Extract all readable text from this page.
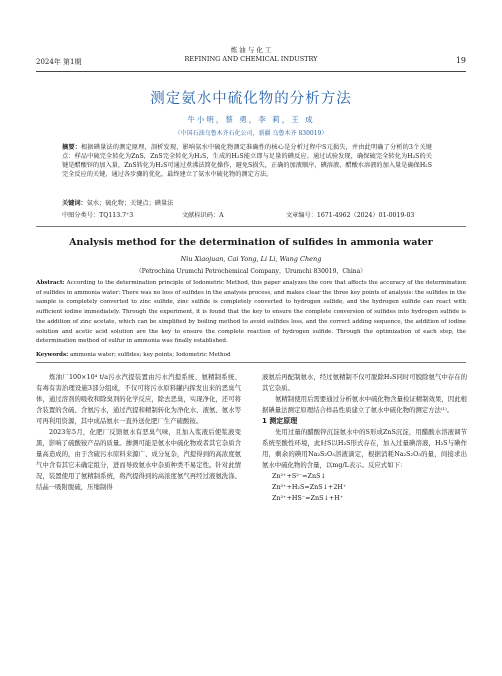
2024年 第1期
炼 油 与 化 工
REFINING AND CHEMICAL INDUSTRY	19
测定氨水中硫化物的分析方法
牛小明，蔡 勇，李 莉，王 成
（中国石油乌鲁木齐石化公司，新疆 乌鲁木齐 830019）
摘要：根据碘量法的测定原理，剖析发现，影响氨水中硫化物测定准确性的核心是分析过程中S元损失，并由此明确了分析的3个关键点：样品中硫完全转化为ZnS，ZnS完全转化为H₂S，生成的H₂S能立即与足量的碘反应。通过试验发现，确保硫完全转化为H₂S的关键是醋酸锌的加入量，ZnS转化为H₂S可通过煮沸法简化操作，避免S损失，正确的加液顺序，碘溶液、醋酸水溶液的加入量是确保H₂S完全反应的关键，通过各步骤的优化，最终建立了氨水中硫化物的测定方法。
关键词：氨水；硫化物；关键点；碘量法
中图分类号：TQ113.7⁺3	文献标识码：A	文章编号：1671-4962（2024）01-0019-03
Analysis method for the determination of sulfides in ammonia water
Niu Xiaojuan, Cai Yong, Li Li, Wang Cheng
（Petrochina Urumchi Petrochemical Company，Urumchi 830019，China）
Abstract: According to the determination principle of Iodometric Method, this paper analyzes the core that affects the accuracy of the determination of sulfides in ammonia water: There was no loss of sulfides in the analysis process, and makes clear the three key points of analysis: the sulfides in the sample is completely converted to zinc sulfide, zinc sulfide is completely converted to hydrogen sulfide, and the hydrogen sulfide can react with sufficient iodine immediately. Through the experiment, it is found that the key to ensure the complete conversion of sulfides into hydrogen sulfide is the addition of zinc acetate, which can be simplified by boiling method to avoid sulfides loss, and the correct adding sequence, the addition of iodine solution and acetic acid solution are the key to ensure the complete reaction of hydrogen sulfide. Through the optimization of each step, the determination method of sulfur in ammonia was finally established.
Keywords: ammonia water; sulfides; key points; Iodometric Method

炼油厂100×10⁴ t/a污水汽提装置由污水汽提系统、氨精制系统、有毒有害治理设施3部分组成，不仅可将污水原料罐内挥发出来的恶臭气体，通过溶剂的吸收和除臭剂的化学反应，除去恶臭，实现净化，还可将含装置的含硫、含氨污水，通过汽提和精制转化为净化水、液氨、氨水等可再利用资源，其中成品氨水一直外送化肥厂生产硫酸铵。

2023年5月，化肥厂反馈氨水有恶臭气味，且加入浆液后使浆液变黑，影响了硫酸铵产品的质量。掺测可能是氨水中硫化物或者其它杂质含量高造成的，由于含硫污水原料来源广、成分复杂，汽提得到的高浓度氨气中含有其它未确定组分，进而导致氨水中杂质种类不易定性。针对此情况，装置使用了氨精制系统，将汽提得到的高浓度氨气再经过液氨洗涤、结晶一吸附脱硫，压缩制得

液氨后再配制氨水，经过氨精制不仅可脱除H₂S同时可脱除氨气中存在的其它杂质。

氨精制使用后需要通过分析氨水中硫化物含量检证精制效果，因此根据碘量法测定原理结合样品性质建立了氨水中硫化物的测定方法⁽¹⁾。

1 测定原理

先用过量的醋酸锌沉淀氨水中的S形成ZnS沉淀，用醋酸水溶液调节系统至酸性环境，此时S以H₂S形式存在，加入过量碘溶液，H₂S与碘作用，剩余的碘用Na₂S₂O₃溶液滴定，根据消耗Na₂S₂O₃的量，间接求出氨水中硫化物的含量，以mg/L表示。反应式如下：

Zn²⁺+S²⁻=ZnS↓
Zn²⁺+H₂S=ZnS↓+2H⁺
Zn²⁺+HS⁻=ZnS↓+H⁺
